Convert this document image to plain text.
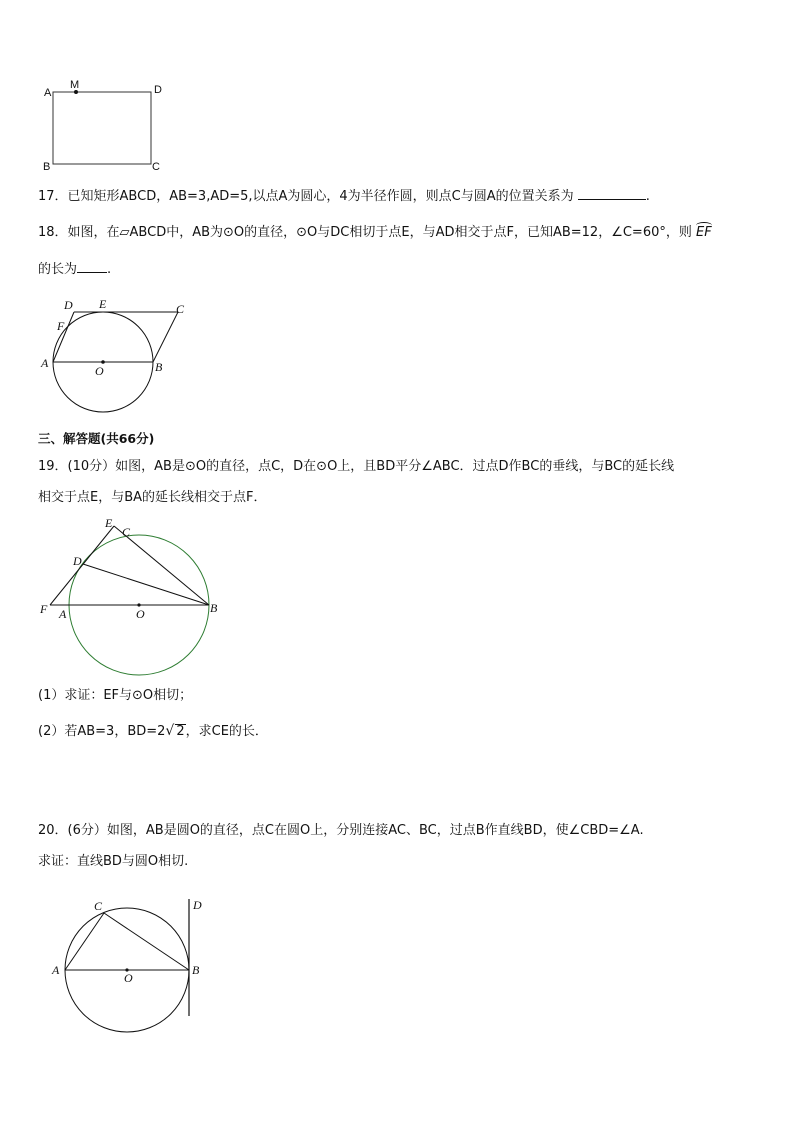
A
M	D
B	C
17．已知矩形ABCD，AB=3,AD=5,以点A为圆心，4为半径作圆，则点C与圆A的位置关系为	.
18．如图，在▱ABCD中，AB为⊙O的直径，⊙O与DC相切于点E，与AD相交于点F，已知AB=12，∠C=60°，则 EF
的长为 .
D E	C
F
A
O	B
三、解答题(共66分)
19．(10分）如图，AB是⊙O的直径，点C，D在⊙O上，且BD平分∠ABC．过点D作BC的垂线，与BC的延长线
相交于点E，与BA的延长线相交于点F．
E
C
D
F A	O	B
(1）求证：EF与⊙O相切；
(2）若AB=3，BD=2√ 2，求CE的长．
20．(6分）如图，AB是圆O的直径，点C在圆O上，分别连接AC、BC，过点B作直线BD，使∠CBD=∠A.
求证：直线BD与圆O相切.
C	D
A
O
B
